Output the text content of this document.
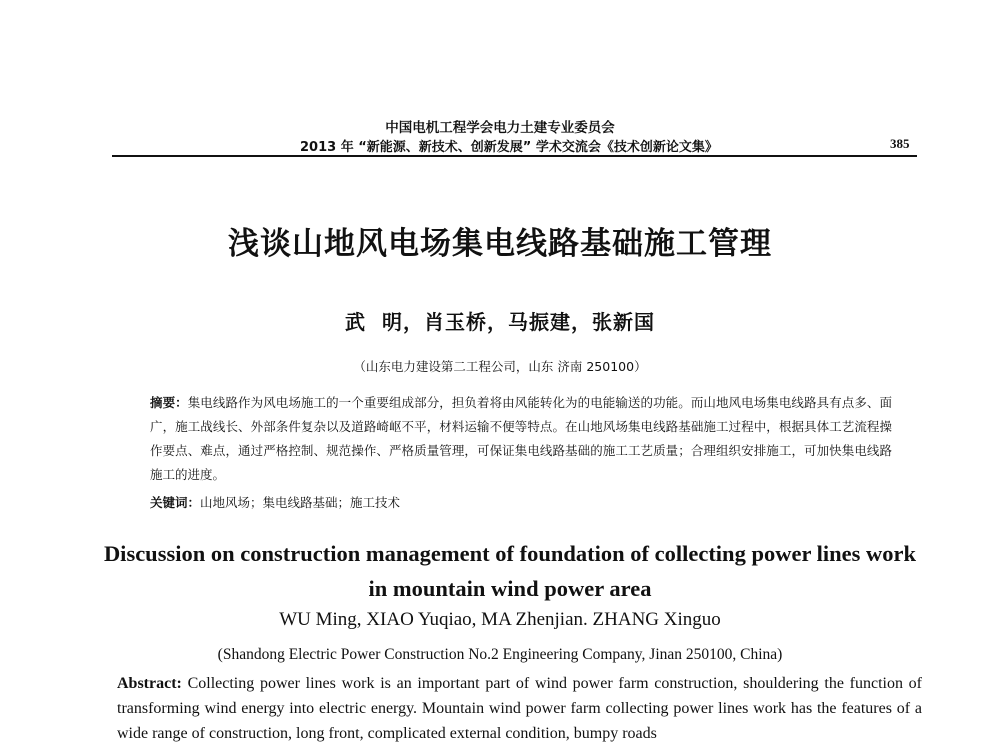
中国电机工程学会电力土建专业委员会
2013 年 “新能源、新技术、创新发展” 学术交流会《技术创新论文集》	385
浅谈山地风电场集电线路基础施工管理
武  明，肖玉桥，马振建，张新国
（山东电力建设第二工程公司，山东 济南 250100）
摘要：集电线路作为风电场施工的一个重要组成部分，担负着将由风能转化为的电能输送的功能。而山地风电场集电线路具有点多、面广，施工战线长、外部条件复杂以及道路崎岖不平，材料运输不便等特点。在山地风场集电线路基础施工过程中，根据具体工艺流程操作要点、难点，通过严格控制、规范操作、严格质量管理，可保证集电线路基础的施工工艺质量；合理组织安排施工，可加快集电线路施工的进度。
关键词：山地风场；集电线路基础；施工技术
Discussion on construction management of foundation of collecting power lines work in mountain wind power area
WU Ming, XIAO Yuqiao, MA Zhenjian. ZHANG Xinguo
(Shandong Electric Power Construction No.2 Engineering Company, Jinan 250100, China)
Abstract: Collecting power lines work is an important part of wind power farm construction, shouldering the function of transforming wind energy into electric energy. Mountain wind power farm collecting power lines work has the features of a wide range of construction, long front, complicated external condition, bumpy roads
